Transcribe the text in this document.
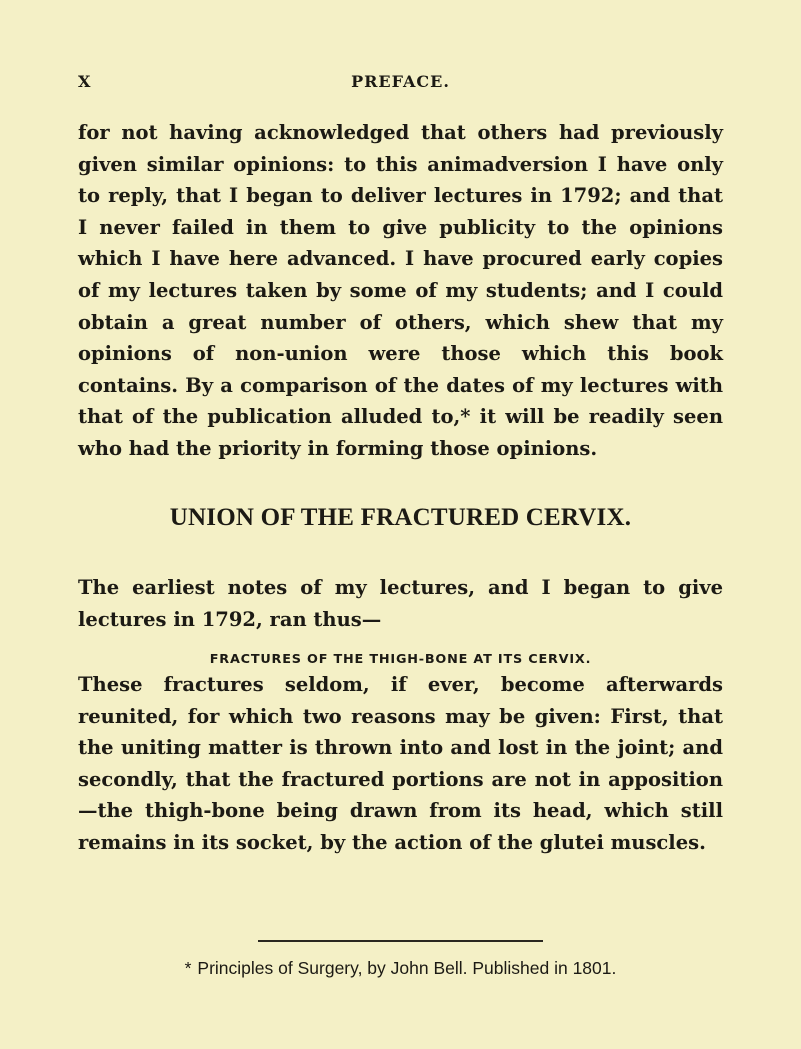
X	PREFACE.

for not having acknowledged that others had previously given similar opinions: to this animadversion I have only to reply, that I began to deliver lectures in 1792; and that I never failed in them to give publicity to the opinions which I have here advanced. I have procured early copies of my lectures taken by some of my students; and I could obtain a great number of others, which shew that my opinions of non-union were those which this book contains. By a comparison of the dates of my lectures with that of the publication alluded to,* it will be readily seen who had the priority in forming those opinions.

UNION OF THE FRACTURED CERVIX.

The earliest notes of my lectures, and I began to give lectures in 1792, ran thus—

FRACTURES OF THE THIGH-BONE AT ITS CERVIX.

These fractures seldom, if ever, become afterwards reunited, for which two reasons may be given: First, that the uniting matter is thrown into and lost in the joint; and secondly, that the fractured portions are not in apposition—the thigh-bone being drawn from its head, which still remains in its socket, by the action of the glutei muscles.

* Principles of Surgery, by John Bell. Published in 1801.
